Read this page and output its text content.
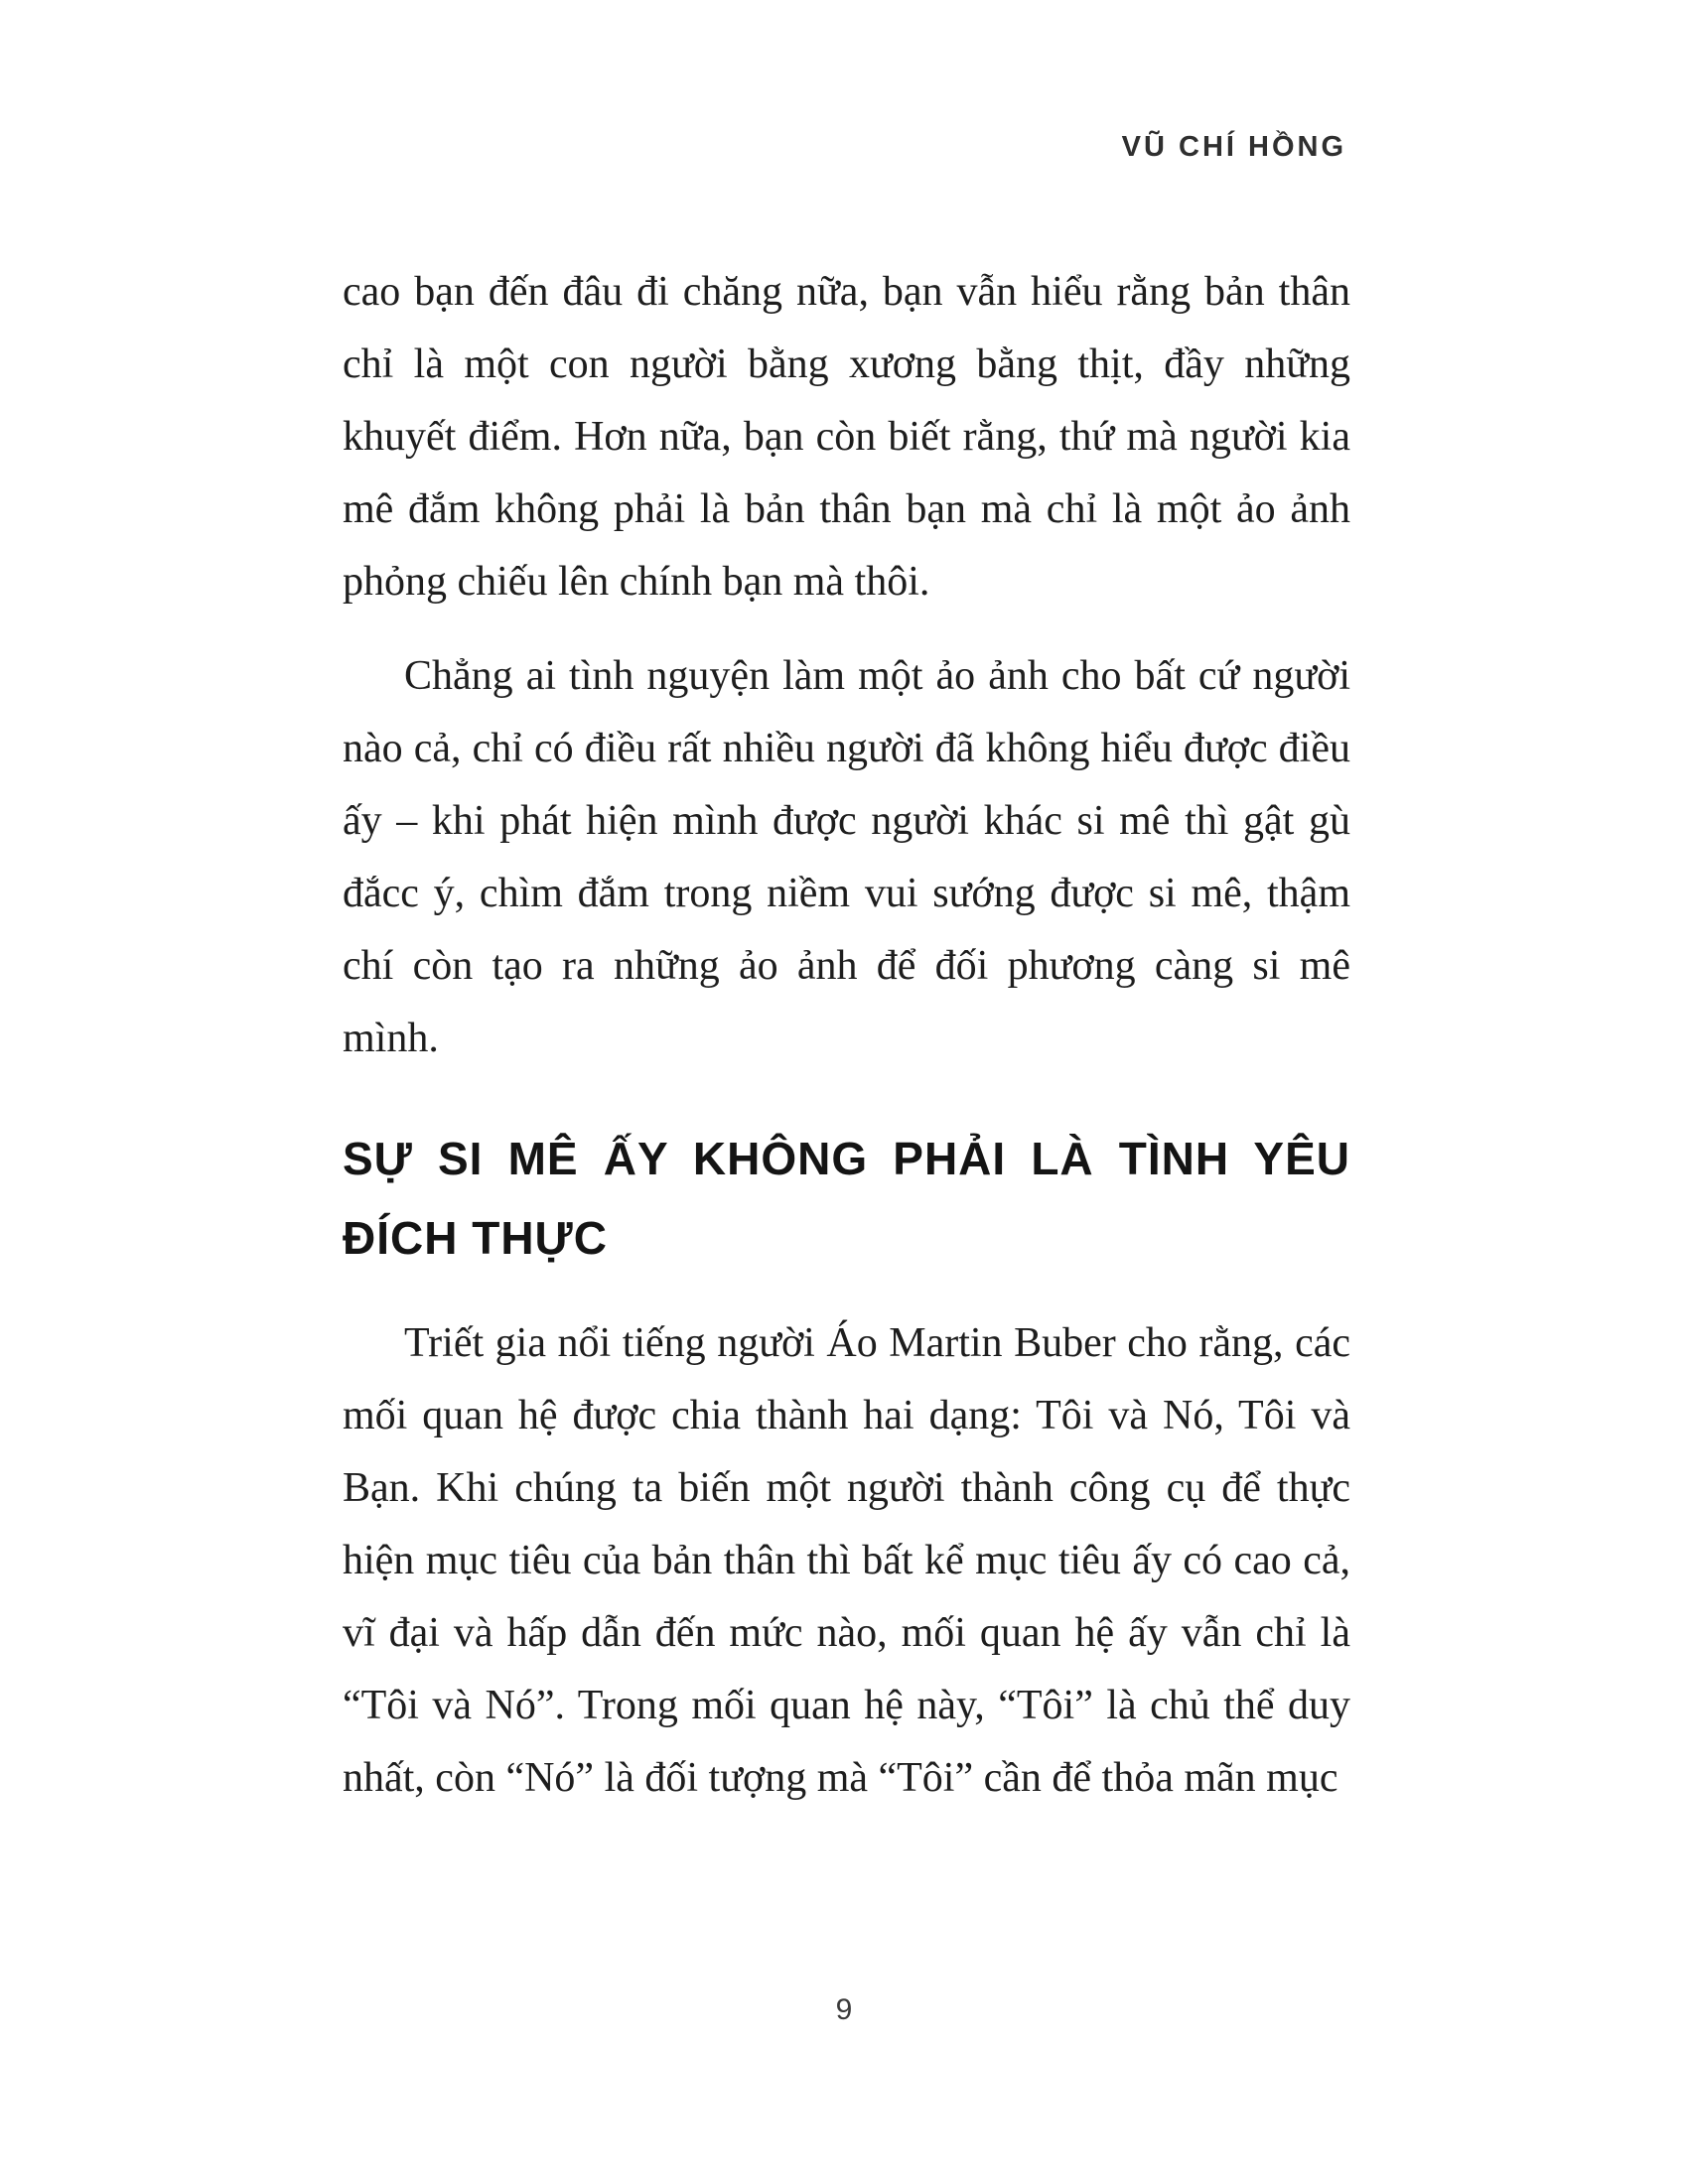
VŨ CHÍ HỒNG

cao bạn đến đâu đi chăng nữa, bạn vẫn hiểu rằng bản thân chỉ là một con người bằng xương bằng thịt, đầy những khuyết điểm. Hơn nữa, bạn còn biết rằng, thứ mà người kia mê đắm không phải là bản thân bạn mà chỉ là một ảo ảnh phỏng chiếu lên chính bạn mà thôi.

Chẳng ai tình nguyện làm một ảo ảnh cho bất cứ người nào cả, chỉ có điều rất nhiều người đã không hiểu được điều ấy – khi phát hiện mình được người khác si mê thì gật gù đắcc ý, chìm đắm trong niềm vui sướng được si mê, thậm chí còn tạo ra những ảo ảnh để đối phương càng si mê mình.

SỰ SI MÊ ẤY KHÔNG PHẢI LÀ TÌNH YÊU
ĐÍCH THỰC

Triết gia nổi tiếng người Áo Martin Buber cho rằng, các mối quan hệ được chia thành hai dạng: Tôi và Nó, Tôi và Bạn. Khi chúng ta biến một người thành công cụ để thực hiện mục tiêu của bản thân thì bất kể mục tiêu ấy có cao cả, vĩ đại và hấp dẫn đến mức nào, mối quan hệ ấy vẫn chỉ là “Tôi và Nó”. Trong mối quan hệ này, “Tôi” là chủ thể duy nhất, còn “Nó” là đối tượng mà “Tôi” cần để thỏa mãn mục

9
